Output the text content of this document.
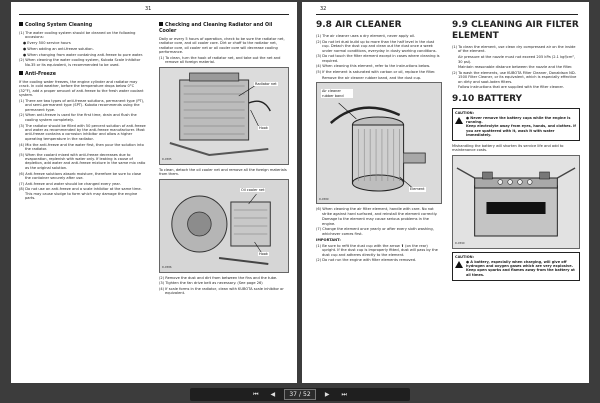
31
Cooling System Cleaning
(1) The water cooling system should be cleaned on the following occasions:
● Every 500 service hours
● When adding an anti-freeze solution.
● When changing from water containing anti-freeze to pure water.
(2) When cleaning the water cooling system, Kubota Scale Inhibitor No.35 or its equivalent, is recommended to be used.
Anti-Freeze
If the cooling water freezes, the engine cylinder and radiator may crack. In cold weather, before the temperature drops below 0°C (32°F), add a proper amount of anti-freeze to the fresh water coolant system.
(1) There are two types of anti-freeze solutions, permanent type (PT), and semi-permanent type (SPT). Kubota recommends using the permanent type.
(2) When anti-freeze is used for the first time, drain and flush the cooling system completely.
(3) The radiator should be filled with 50 percent solution of anti-freeze and water as recommended by the anti-freeze manufacturer. Most anti-freeze contains a corrosion inhibitor and allow a higher operating temperature in the radiator.
(4) Mix the anti-freeze and the water first, then pour the solution into the radiator.
(5) When the coolant mixed with anti-freeze decreases due to evaporation, replenish with water only. If leaking is cause of depletion, add water and anti-freeze mixture in the same mix ratio as the original solution.
(6) Anti-freeze solutions absorb moisture, therefore be sure to close the container securely after use.
(7) Anti-freeze and water should be changed every year.
(8) Do not use an anti-freeze and a scale inhibitor at the same time. This may cause sludge to form which may damage the engine parts.
Checking and Cleaning Radiator and Oil Cooler
Daily or every 5 hours of operation, check to be sure the radiator net, radiator core, and oil cooler core. Dirt or chaff to the radiator net, radiator core, oil cooler net or oil cooler core will decrease cooling performance.
(1) To clean, turn the hook of radiator net, and take out the net and remove all foreign material.
Radiator net
Hook
D-0585
To clean, detach the oil cooler net and remove all the foreign materials from them.
Oil cooler net
Hook
D-0586
(2) Remove the dust and dirt from between the fins and the tube.
(3) Tighten the fan drive belt as necessary. (See page 26)
(4) If scale forms in the radiator, clean with KUBOTA scale inhibitor or equivalent.
32
9.8 AIR CLEANER
(1) The air cleaner uses a dry element, never apply oil.
(2) Do not let dust build up to more than the half level in the dust cup. Detach the dust cup and clean out the dust once a week under normal conditions, everyday in dusty working conditions.
(3) Do not touch the filter element except in cases where cleaning is required.
(4) When cleaning this element, refer to the instructions below.
(5) If the element is saturated with carbon or oil, replace the filter.
Remove the air cleaner rubber band, and the dust cup.
Air cleaner rubber band
Element
D-0589
(6) When cleaning the air filter element, handle with care. No not strike against hard surfaced, and reinstall the element correctly.
Damage to the element may cause serious problems in the engine.
(7) Change the element once yearly or after every sixth washing, whichever comes first.
IMPORTANT:
(1) Be sure to refit the dust cup with the arrow ⬆ (on the rear) upright. If the dust cup is improperly fitted, dust will pass by the dust cup and adheres directly to the element.
(2) Do not run the engine with filter elements removed.
9.9 CLEANING AIR FILTER ELEMENT
(1) To clean the element, use clean dry compressed air on the inside of the element.
Air pressure at the nozzle must not exceed 205 kPa (2.1 kgf/cm², 30 psi).
Maintain reasonable distance between the nozzle and the filter.
(2) To wash the elements, use KUBOTA Filter Cleaner, Donaldson ND-1500 Filter Cleaner, or its equivalent, which is especially effective on dirty and soot-laden filters.
Follow instructions that are supplied with the filter cleaner.
9.10 BATTERY
CAUTION:
● Never remove the battery caps while the engine is running.
Keep electrolyte away from eyes, hands, and clothes. If you are spattered with it, wash it with water immediately.
Mishandling the battery will shorten its service life and add to maintenance costs.
D-0590
CAUTION:
● A battery, especially when charging, will give off hydrogen and oxygen gases which are very explosive. Keep open sparks and flames away from the battery at all times.
⏮ ◀ 37 / 52 ▶ ⏭
